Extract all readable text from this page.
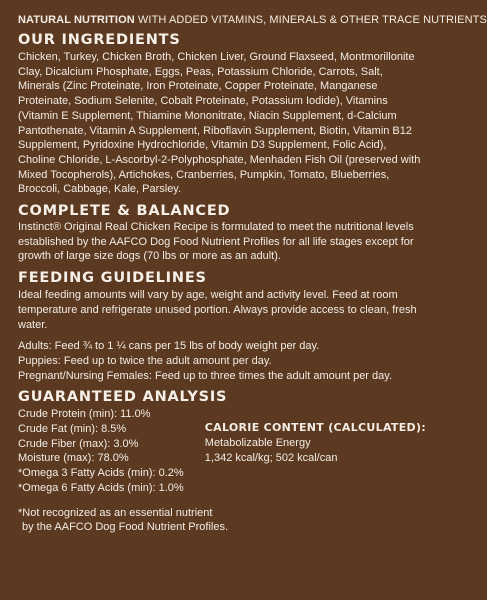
NATURAL NUTRITION WITH ADDED VITAMINS, MINERALS & OTHER TRACE NUTRIENTS
OUR INGREDIENTS

Chicken, Turkey, Chicken Broth, Chicken Liver, Ground Flaxseed, Montmorillonite Clay, Dicalcium Phosphate, Eggs, Peas, Potassium Chloride, Carrots, Salt, Minerals (Zinc Proteinate, Iron Proteinate, Copper Proteinate, Manganese Proteinate, Sodium Selenite, Cobalt Proteinate, Potassium Iodide), Vitamins (Vitamin E Supplement, Thiamine Mononitrate, Niacin Supplement, d-Calcium Pantothenate, Vitamin A Supplement, Riboflavin Supplement, Biotin, Vitamin B12 Supplement, Pyridoxine Hydrochloride, Vitamin D3 Supplement, Folic Acid), Choline Chloride, L-Ascorbyl-2-Polyphosphate, Menhaden Fish Oil (preserved with Mixed Tocopherols), Artichokes, Cranberries, Pumpkin, Tomato, Blueberries, Broccoli, Cabbage, Kale, Parsley.

COMPLETE & BALANCED

Instinct® Original Real Chicken Recipe is formulated to meet the nutritional levels established by the AAFCO Dog Food Nutrient Profiles for all life stages except for growth of large size dogs (70 lbs or more as an adult).

FEEDING GUIDELINES

Ideal feeding amounts will vary by age, weight and activity level. Feed at room temperature and refrigerate unused portion. Always provide access to clean, fresh water.

Adults: Feed ¾ to 1 ¼ cans per 15 lbs of body weight per day.
Puppies: Feed up to twice the adult amount per day.
Pregnant/Nursing Females: Feed up to three times the adult amount per day.
GUARANTEED ANALYSIS
Crude Protein (min): 11.0%
Crude Fat (min): 8.5%
Crude Fiber (max): 3.0%
Moisture (max): 78.0%
*Omega 3 Fatty Acids (min): 0.2%
*Omega 6 Fatty Acids (min): 1.0%
CALORIE CONTENT (CALCULATED):
Metabolizable Energy
1,342 kcal/kg; 502 kcal/can
*Not recognized as an essential nutrient
by the AAFCO Dog Food Nutrient Profiles.
